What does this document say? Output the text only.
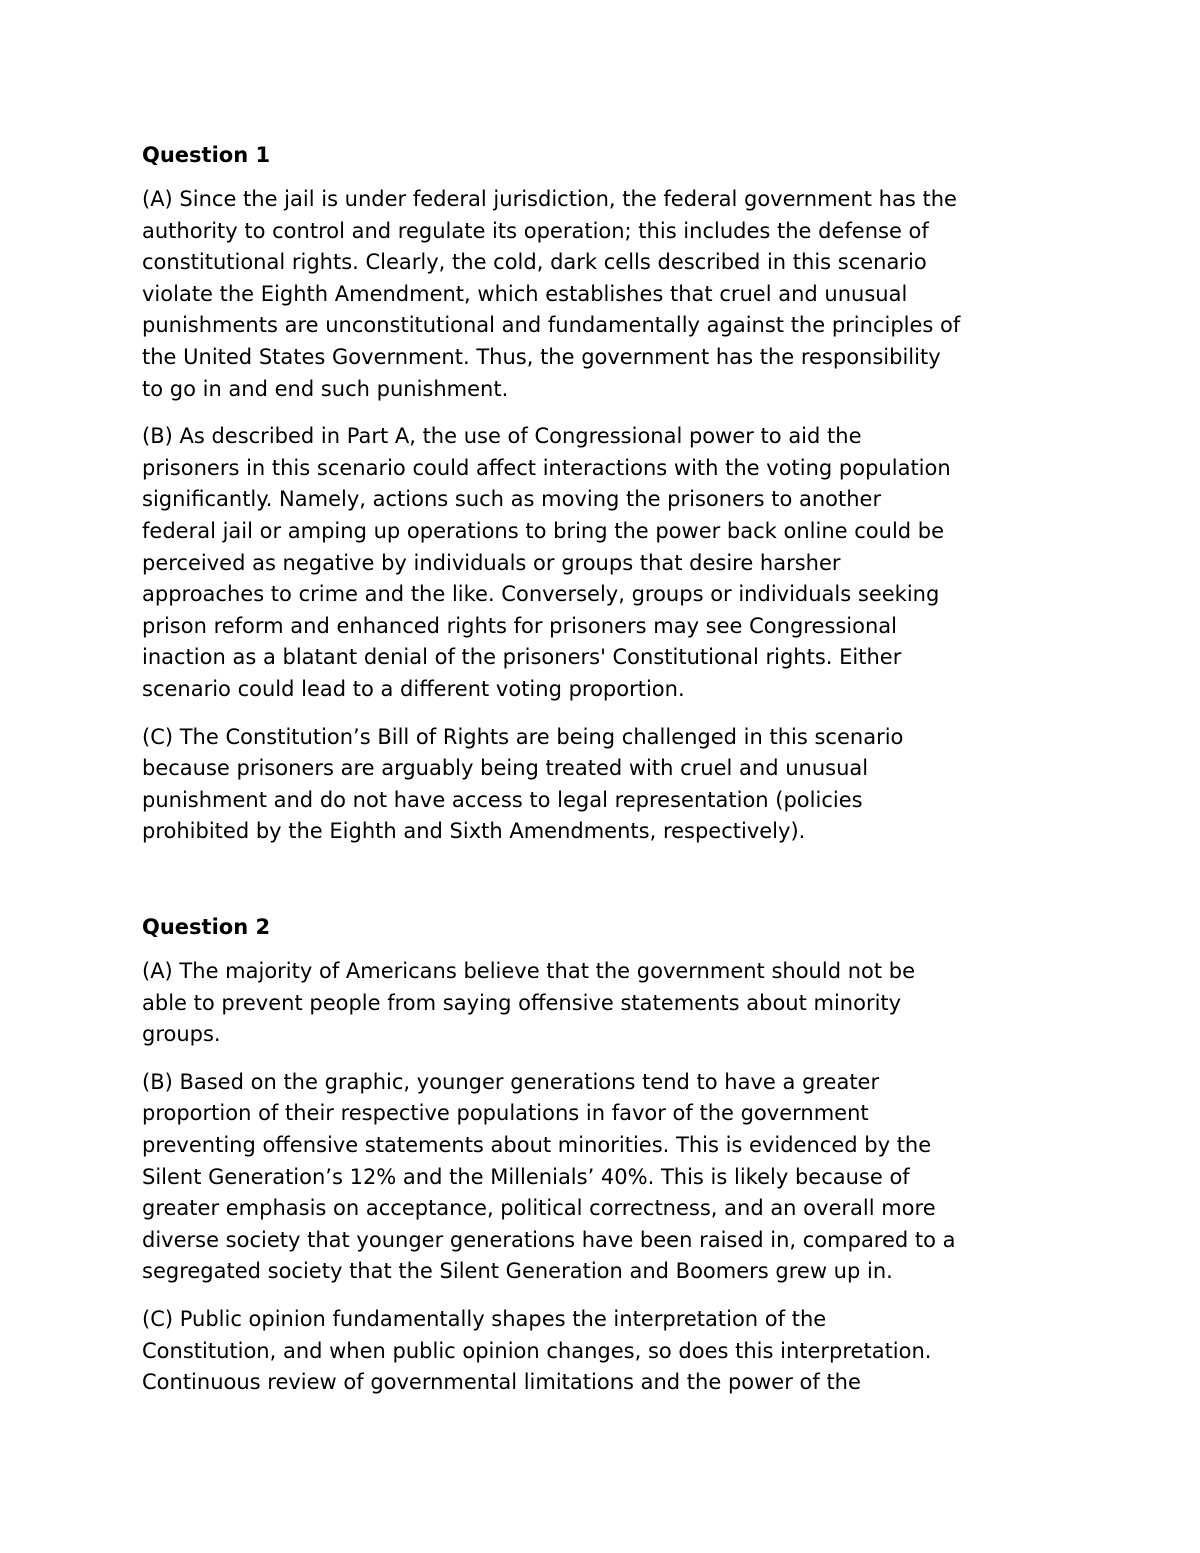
Question 1
(A) Since the jail is under federal jurisdiction, the federal government has the
authority to control and regulate its operation; this includes the defense of
constitutional rights. Clearly, the cold, dark cells described in this scenario
violate the Eighth Amendment, which establishes that cruel and unusual
punishments are unconstitutional and fundamentally against the principles of
the United States Government. Thus, the government has the responsibility
to go in and end such punishment.
(B) As described in Part A, the use of Congressional power to aid the
prisoners in this scenario could affect interactions with the voting population
significantly. Namely, actions such as moving the prisoners to another
federal jail or amping up operations to bring the power back online could be
perceived as negative by individuals or groups that desire harsher
approaches to crime and the like. Conversely, groups or individuals seeking
prison reform and enhanced rights for prisoners may see Congressional
inaction as a blatant denial of the prisoners' Constitutional rights. Either
scenario could lead to a different voting proportion.
(C) The Constitution’s Bill of Rights are being challenged in this scenario
because prisoners are arguably being treated with cruel and unusual
punishment and do not have access to legal representation (policies
prohibited by the Eighth and Sixth Amendments, respectively).
Question 2
(A) The majority of Americans believe that the government should not be
able to prevent people from saying offensive statements about minority
groups.
(B) Based on the graphic, younger generations tend to have a greater
proportion of their respective populations in favor of the government
preventing offensive statements about minorities. This is evidenced by the
Silent Generation’s 12% and the Millenials’ 40%. This is likely because of
greater emphasis on acceptance, political correctness, and an overall more
diverse society that younger generations have been raised in, compared to a
segregated society that the Silent Generation and Boomers grew up in.
(C) Public opinion fundamentally shapes the interpretation of the
Constitution, and when public opinion changes, so does this interpretation.
Continuous review of governmental limitations and the power of the
